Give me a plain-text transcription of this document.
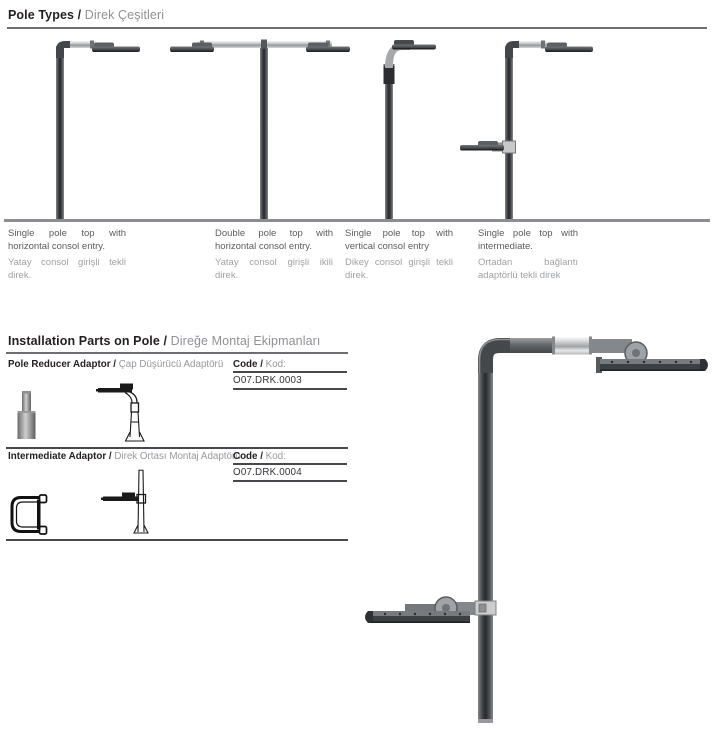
Pole Types / Direk Çeşitleri

Single pole top with horizontal consol entry.

Yatay consol girişli tekli direk.

Double pole top with horizontal consol entry.

Yatay consol girişli ikili direk.

Single pole top with vertical consol entry

Dikey consol girişli tekli direk.

Single pole top with intermediate.

Ortadan bağlantı adaptörlü tekli direk

Installation Parts on Pole / Direğe Montaj Ekipmanları
Pole Reducer Adaptor / Çap Düşürücü Adaptörü Code / Kod:
O07.DRK.0003
Intermediate Adaptor / Direk Ortası Montaj Adaptörü
Code / Kod:
O07.DRK.0004
